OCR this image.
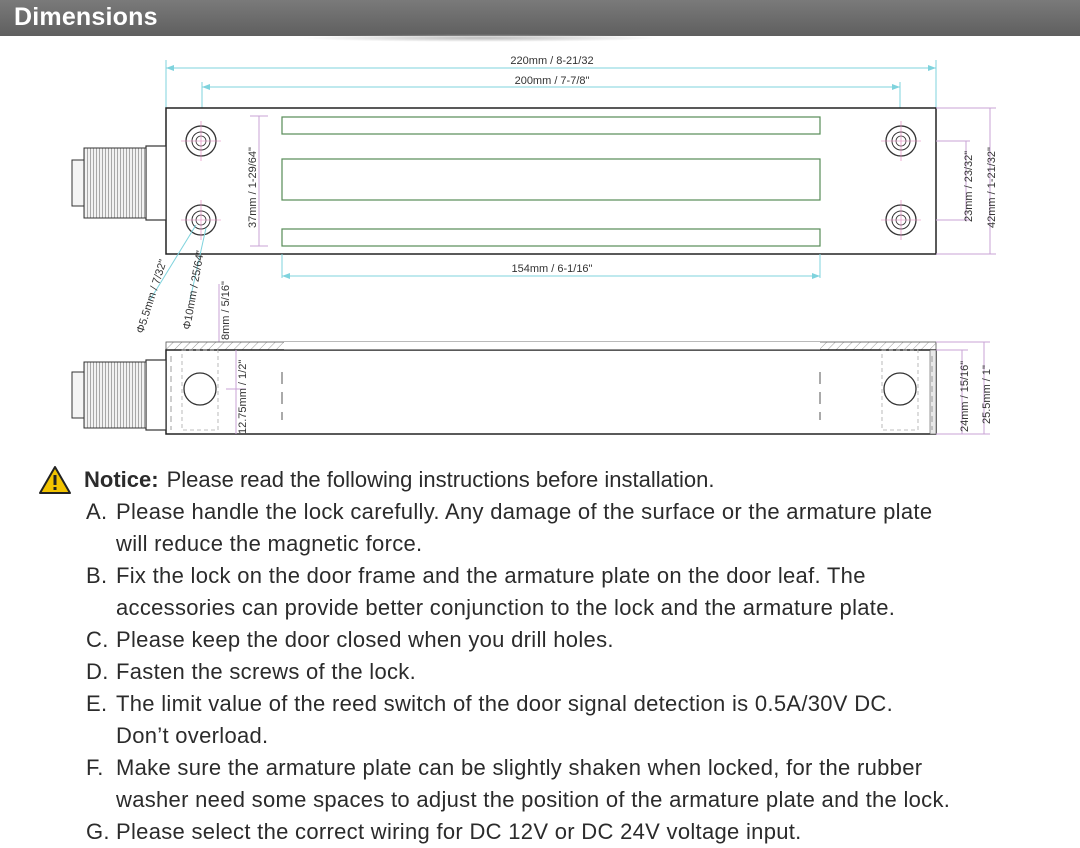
Dimensions
220mm / 8-21/32
200mm / 7-7/8"
37mm / 1-29/64"	23mm / 23/32" 42mm / 1-21/32"
154mm / 6-1/16"
Φ5.5mm / 7/32" Φ10mm / 25/64" 8mm / 5/16"
12.75mm / 1/2"	24mm / 15/16" 25.5mm / 1"
Notice: Please read the following instructions before installation.
A. Please handle the lock carefully. Any damage of the surface or the armature plate
will reduce the magnetic force.
B. Fix the lock on the door frame and the armature plate on the door leaf. The
accessories can provide better conjunction to the lock and the armature plate.
C. Please keep the door closed when you drill holes.
D. Fasten the screws of the lock.
E. The limit value of the reed switch of the door signal detection is 0.5A/30V DC.
Don’t overload.
F. Make sure the armature plate can be slightly shaken when locked, for the rubber
washer need some spaces to adjust the position of the armature plate and the lock.
G. Please select the correct wiring for DC 12V or DC 24V voltage input.
